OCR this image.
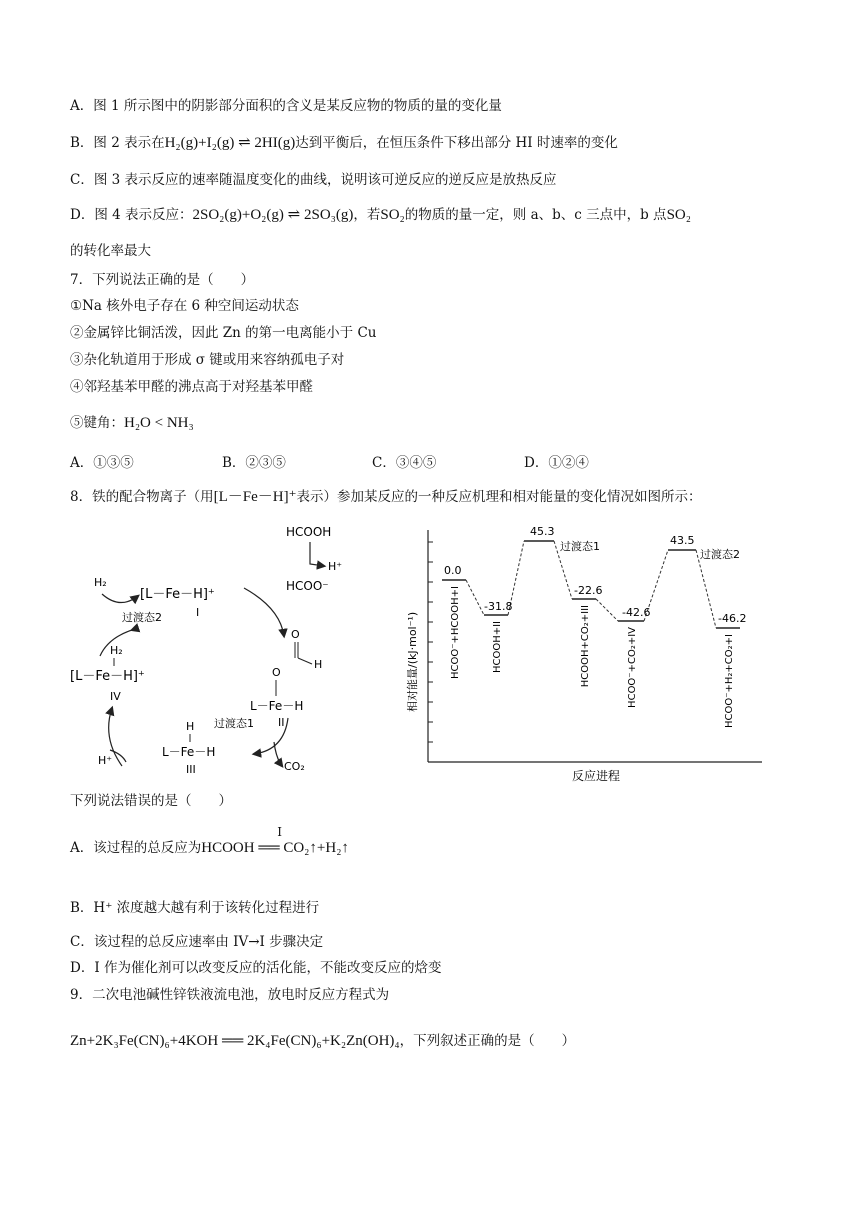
A．图 1 所示图中的阴影部分面积的含义是某反应物的物质的量的变化量
B．图 2 表示在H₂(g)+I₂(g) ⇌ 2HI(g)达到平衡后，在恒压条件下移出部分 HI 时速率的变化
C．图 3 表示反应的速率随温度变化的曲线，说明该可逆反应的逆反应是放热反应
D．图 4 表示反应：2SO₂(g)+O₂(g) ⇌ 2SO₃(g)，若SO₂的物质的量一定，则 a、b、c 三点中，b 点SO₂
的转化率最大
7．下列说法正确的是（　　）
①Na 核外电子存在 6 种空间运动状态
②金属锌比铜活泼，因此 Zn 的第一电离能小于 Cu
③杂化轨道用于形成 σ 键或用来容纳孤电子对
④邻羟基苯甲醛的沸点高于对羟基苯甲醛
⑤键角：H₂O < NH₃
A．①③⑤	B．②③⑤	C．③④⑤	D．①②④
8．铁的配合物离子（用[L－Fe－H]⁺表示）参加某反应的一种反应机理和相对能量的变化情况如图所示：
HCOOH
H⁺
HCOO⁻
[L－Fe－H]⁺
I
H₂
过渡态2
O
H
O
L－Fe－H
II
H₂
[L－Fe－H]⁺
IV
H⁺
H
L－Fe－H
III
过渡态1
CO₂
相对能量/(kJ·mol⁻¹)
反应进程
0.0
-31.8
45.3
-22.6
-42.6
43.5
-46.2
过渡态1
过渡态2
HCOO⁻+HCOOH+I	HCOOH+II	HCOOH+CO₂+III	HCOO⁻+CO₂+IV	HCOO⁻+H₂+CO₂+I
下列说法错误的是（　　）
A．该过程的总反应为
I
HCOOH ══ CO₂↑+H₂↑
B．H⁺ 浓度越大越有利于该转化过程进行
C．该过程的总反应速率由 IV→I 步骤决定
D．I 作为催化剂可以改变反应的活化能，不能改变反应的焓变
9．二次电池碱性锌铁液流电池，放电时反应方程式为
Zn+2K₃Fe(CN)₆+4KOH ══ 2K₄Fe(CN)₆+K₂Zn(OH)₄，下列叙述正确的是（　　）
